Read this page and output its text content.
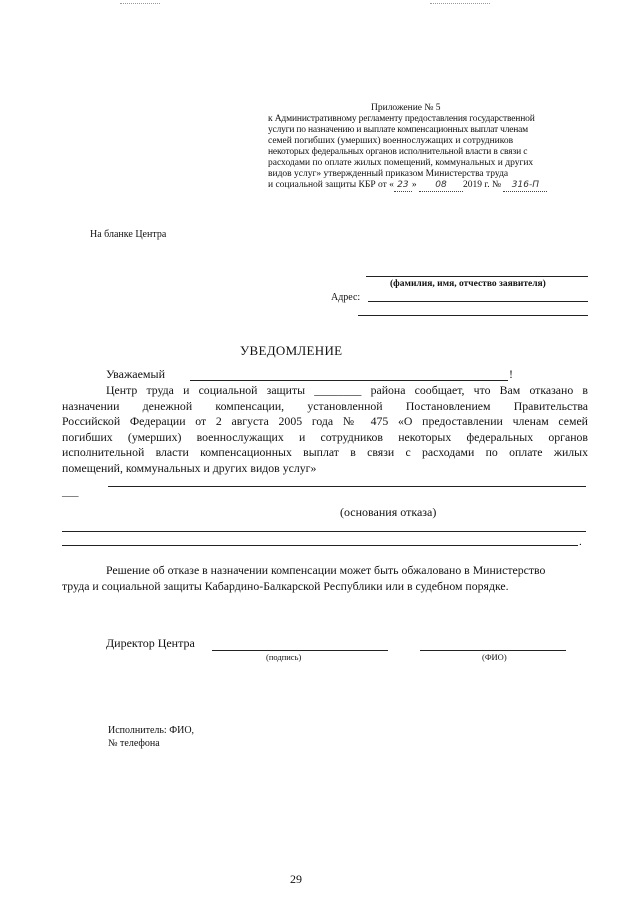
Приложение № 5

к Административному регламенту предоставления государственной

услуги по назначению и выплате компенсационных выплат членам

семей погибших (умерших) военнослужащих и сотрудников

некоторых федеральных органов исполнительной власти в связи с

расходами по оплате жилых помещений, коммунальных и других

видов услуг» утвержденный приказом Министерства труда

и социальной защиты КБР от « 23 » 08 2019 г. № 316-П

На бланке Центра
(фамилия, имя, отчество заявителя)
Адрес:
УВЕДОМЛЕНИЕ
Уважаемый	!

Центр труда и социальной защиты ________ района сообщает, что Вам отказано в

назначении денежной компенсации, установленной Постановлением Правительства

Российской Федерации от 2 августа 2005 года № 475 «О предоставлении членам семей

погибших (умерших) военнослужащих и сотрудников некоторых федеральных органов

исполнительной власти компенсационных выплат в связи с расходами по оплате жилых

помещений, коммунальных и других видов услуг»

___
(основания отказа)
.

Решение об отказе в назначении компенсации может быть обжаловано в Министерство

труда и социальной защиты Кабардино-Балкарской Республики или в судебном порядке.

Директор Центра
(подпись)	(ФИО)

Исполнитель: ФИО,

№ телефона

29
